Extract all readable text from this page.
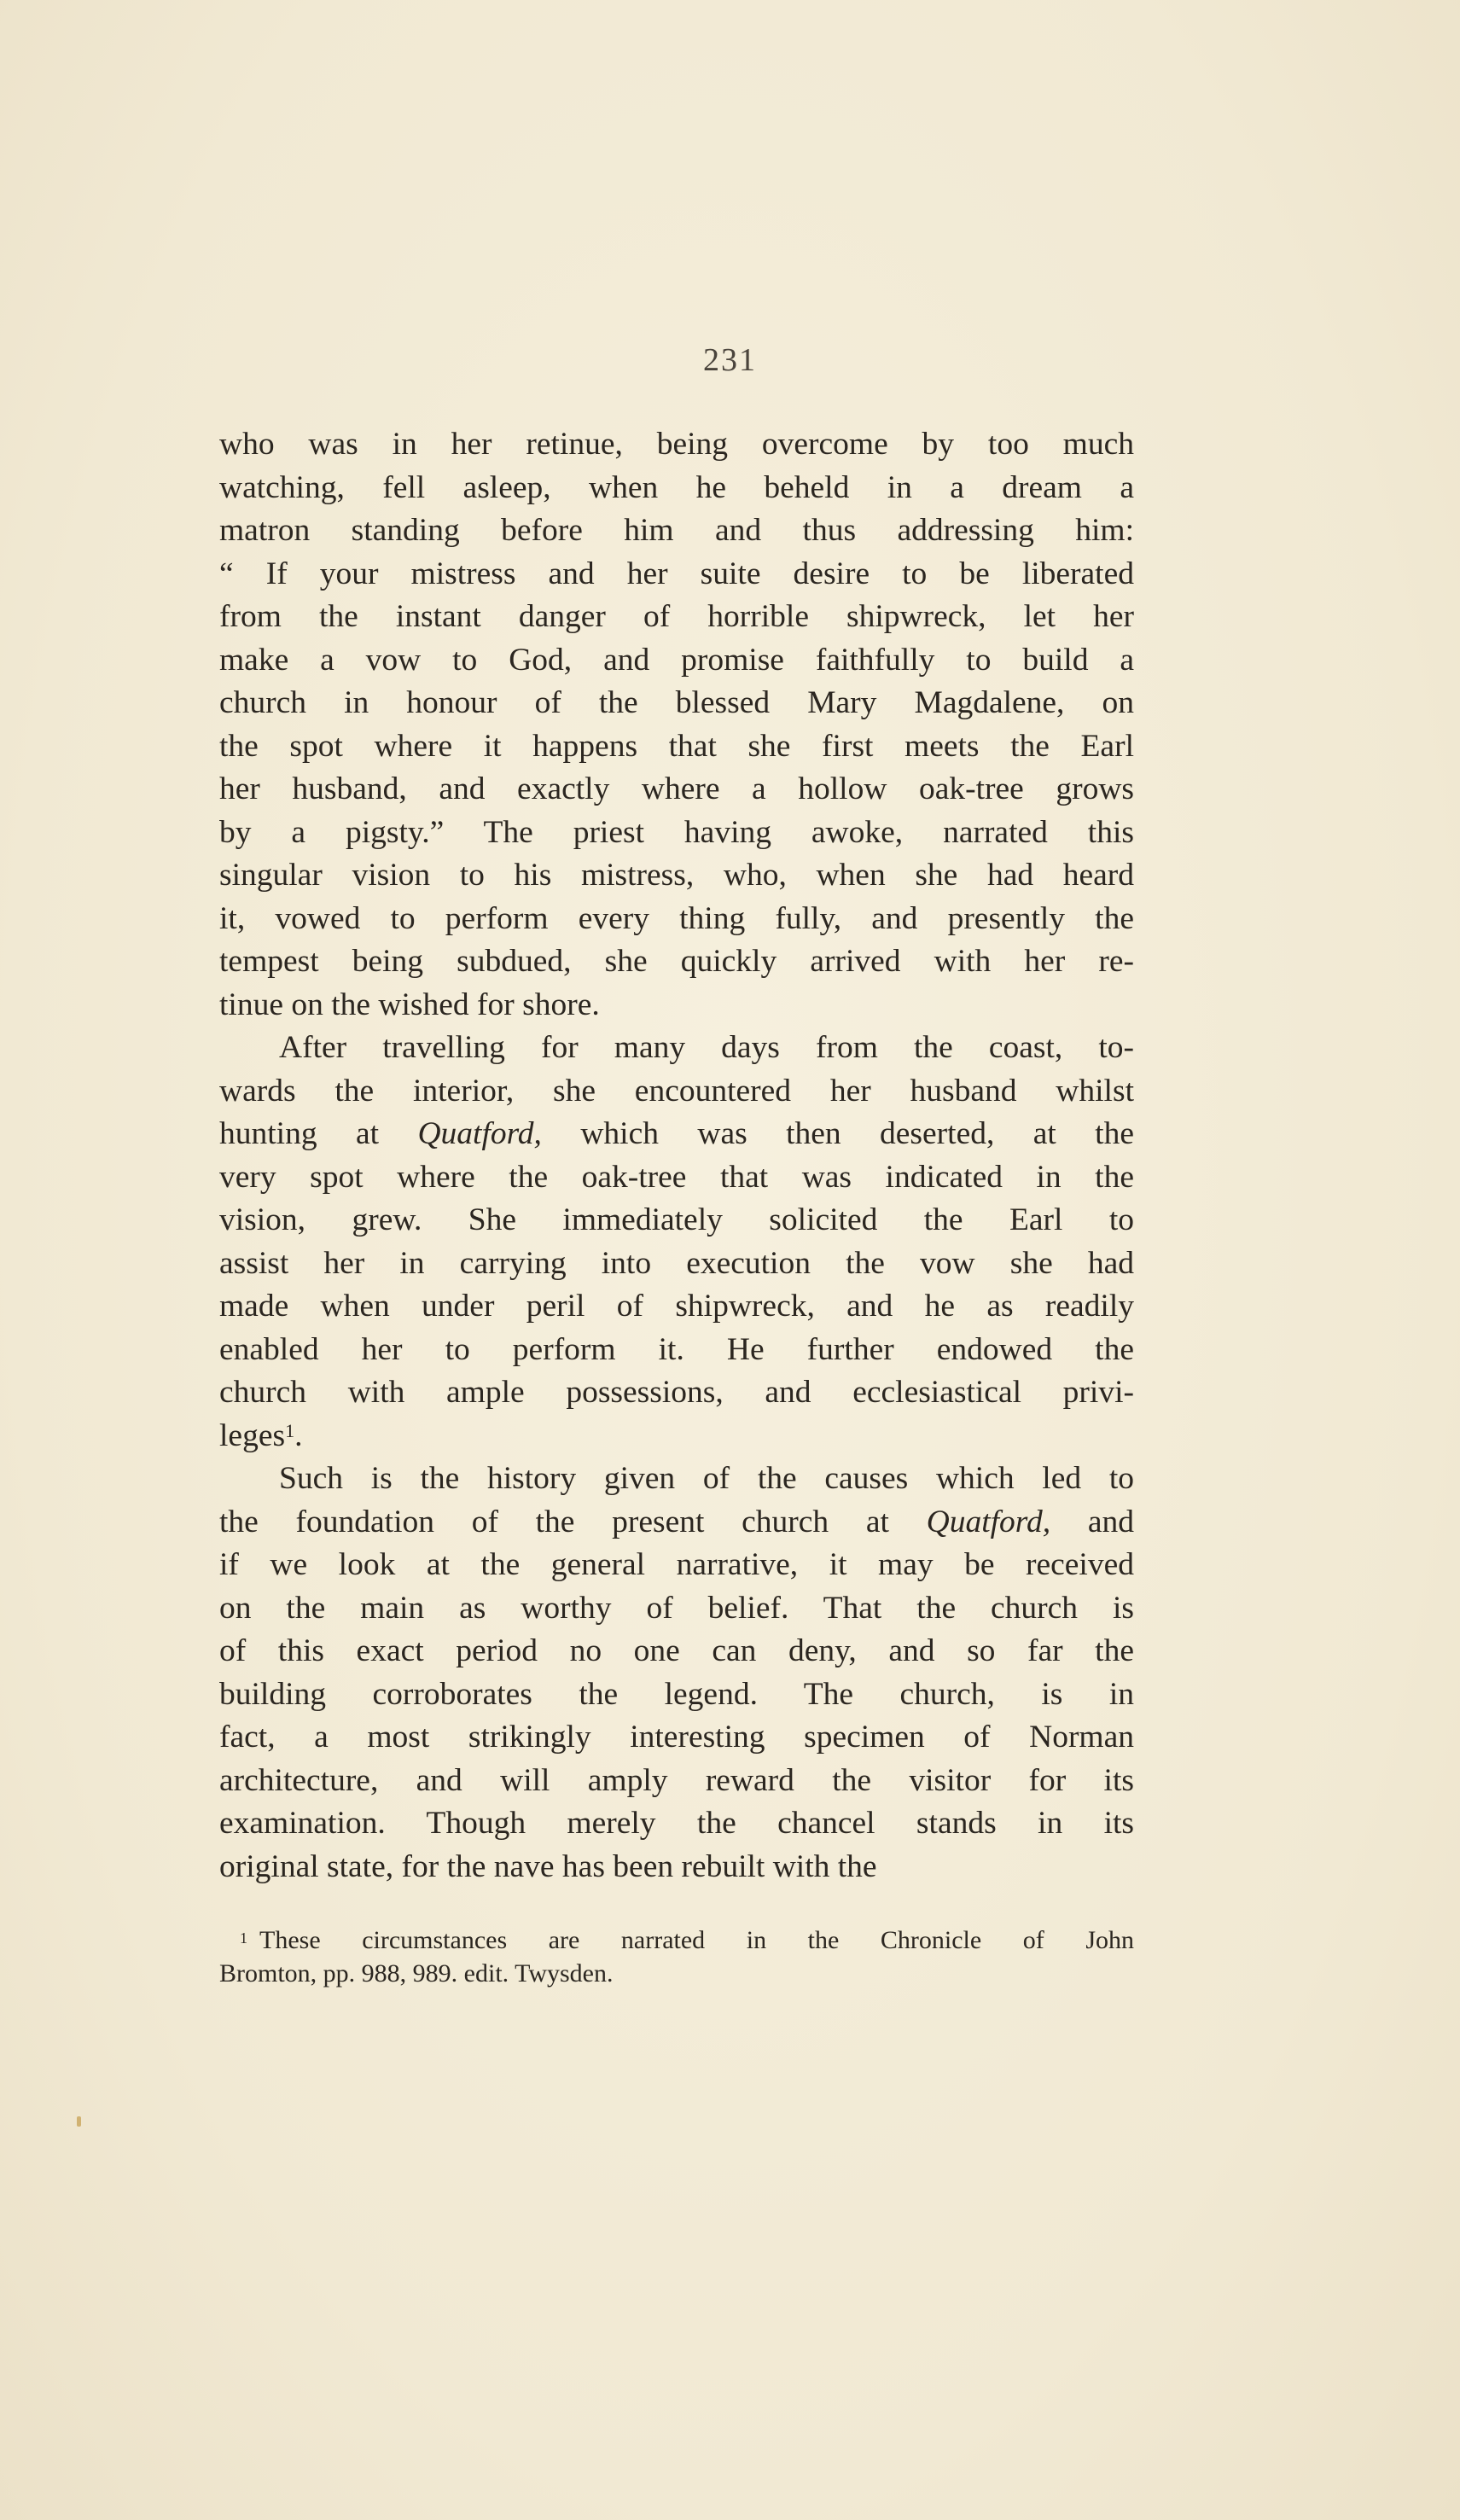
231
who was in her retinue, being overcome by too much
watching, fell asleep, when he beheld in a dream a
matron standing before him and thus addressing him:
“ If your mistress and her suite desire to be liberated
from the instant danger of horrible shipwreck, let her
make a vow to God, and promise faithfully to build a
church in honour of the blessed Mary Magdalene, on
the spot where it happens that she first meets the Earl
her husband, and exactly where a hollow oak-tree grows
by a pigsty.” The priest having awoke, narrated this
singular vision to his mistress, who, when she had heard
it, vowed to perform every thing fully, and presently the
tempest being subdued, she quickly arrived with her re-
tinue on the wished for shore.
After travelling for many days from the coast, to-
wards the interior, she encountered her husband whilst
hunting at Quatford, which was then deserted, at the
very spot where the oak-tree that was indicated in the
vision, grew. She immediately solicited the Earl to
assist her in carrying into execution the vow she had
made when under peril of shipwreck, and he as readily
enabled her to perform it. He further endowed the
church with ample possessions, and ecclesiastical privi-
leges$^1$.
Such is the history given of the causes which led to
the foundation of the present church at Quatford, and
if we look at the general narrative, it may be received
on the main as worthy of belief. That the church is
of this exact period no one can deny, and so far the
building corroborates the legend. The church, is in
fact, a most strikingly interesting specimen of Norman
architecture, and will amply reward the visitor for its
examination. Though merely the chancel stands in its
original state, for the nave has been rebuilt with the
$^1$ These circumstances are narrated in the Chronicle of John
Bromton, pp. 988, 989. edit. Twysden.
